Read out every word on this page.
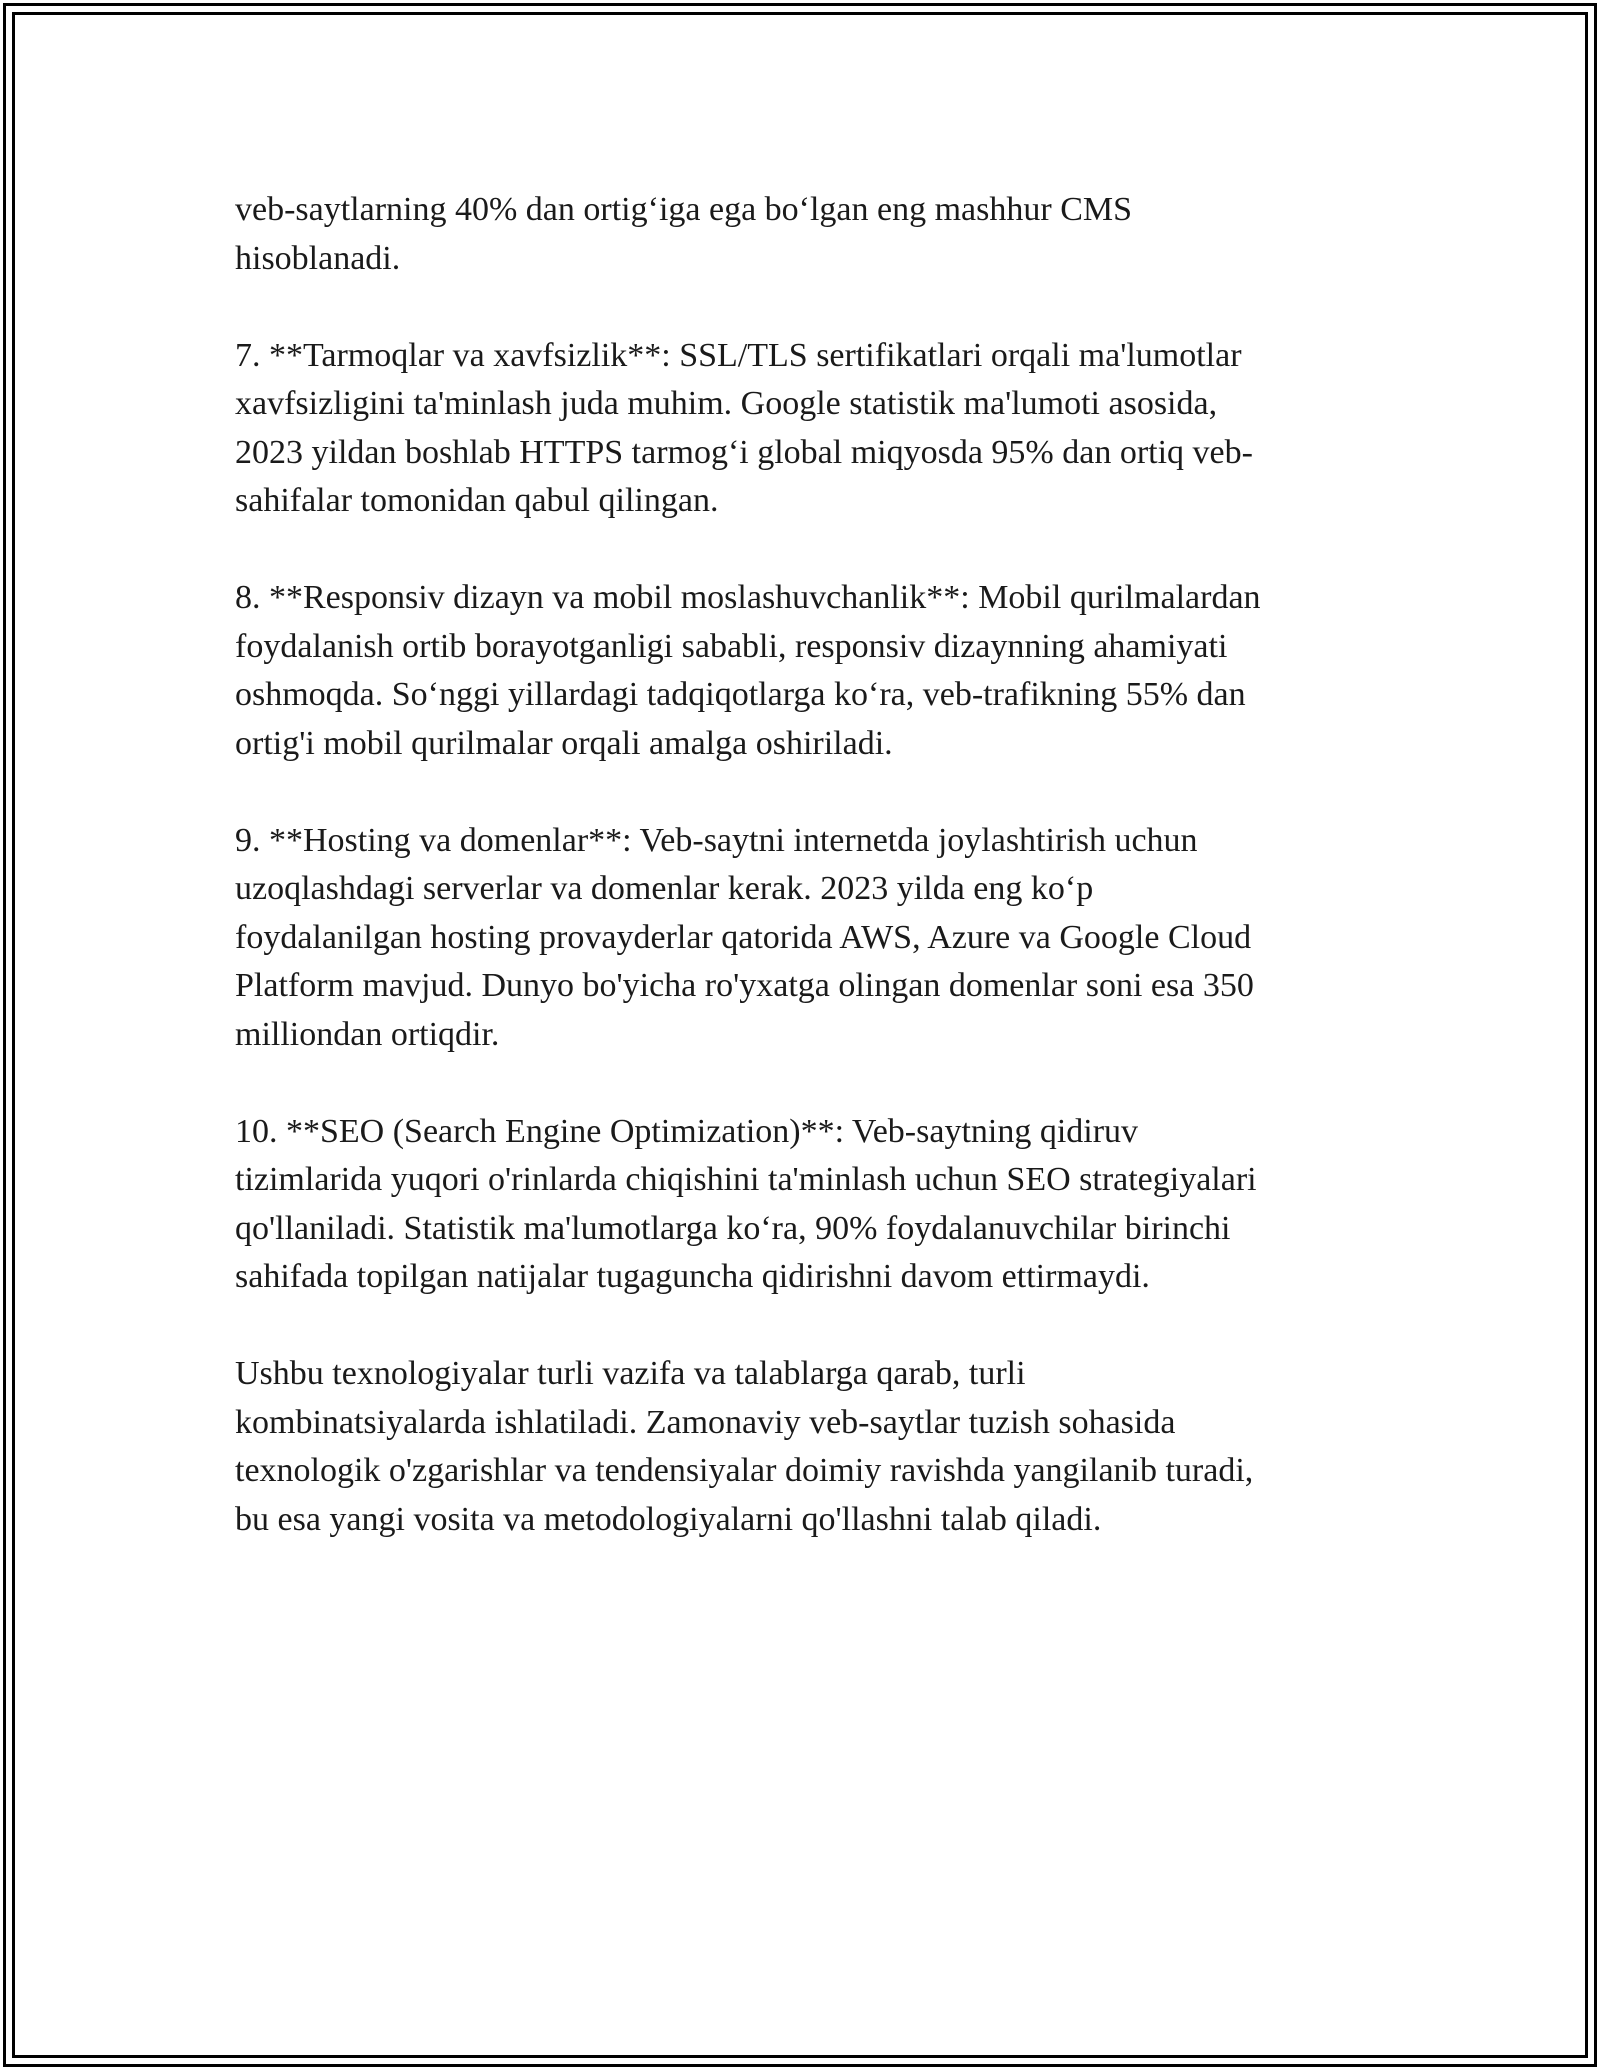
veb-saytlarning 40% dan ortig‘iga ega bo‘lgan eng mashhur CMS
hisoblanadi.

7. **Tarmoqlar va xavfsizlik**: SSL/TLS sertifikatlari orqali ma'lumotlar
xavfsizligini ta'minlash juda muhim. Google statistik ma'lumoti asosida,
2023 yildan boshlab HTTPS tarmog‘i global miqyosda 95% dan ortiq veb-
sahifalar tomonidan qabul qilingan.

8. **Responsiv dizayn va mobil moslashuvchanlik**: Mobil qurilmalardan
foydalanish ortib borayotganligi sababli, responsiv dizaynning ahamiyati
oshmoqda. So‘nggi yillardagi tadqiqotlarga ko‘ra, veb-trafikning 55% dan
ortig'i mobil qurilmalar orqali amalga oshiriladi.

9. **Hosting va domenlar**: Veb-saytni internetda joylashtirish uchun
uzoqlashdagi serverlar va domenlar kerak. 2023 yilda eng ko‘p
foydalanilgan hosting provayderlar qatorida AWS, Azure va Google Cloud
Platform mavjud. Dunyo bo'yicha ro'yxatga olingan domenlar soni esa 350
milliondan ortiqdir.

10. **SEO (Search Engine Optimization)**: Veb-saytning qidiruv
tizimlarida yuqori o'rinlarda chiqishini ta'minlash uchun SEO strategiyalari
qo'llaniladi. Statistik ma'lumotlarga ko‘ra, 90% foydalanuvchilar birinchi
sahifada topilgan natijalar tugaguncha qidirishni davom ettirmaydi.

Ushbu texnologiyalar turli vazifa va talablarga qarab, turli
kombinatsiyalarda ishlatiladi. Zamonaviy veb-saytlar tuzish sohasida
texnologik o'zgarishlar va tendensiyalar doimiy ravishda yangilanib turadi,
bu esa yangi vosita va metodologiyalarni qo'llashni talab qiladi.
